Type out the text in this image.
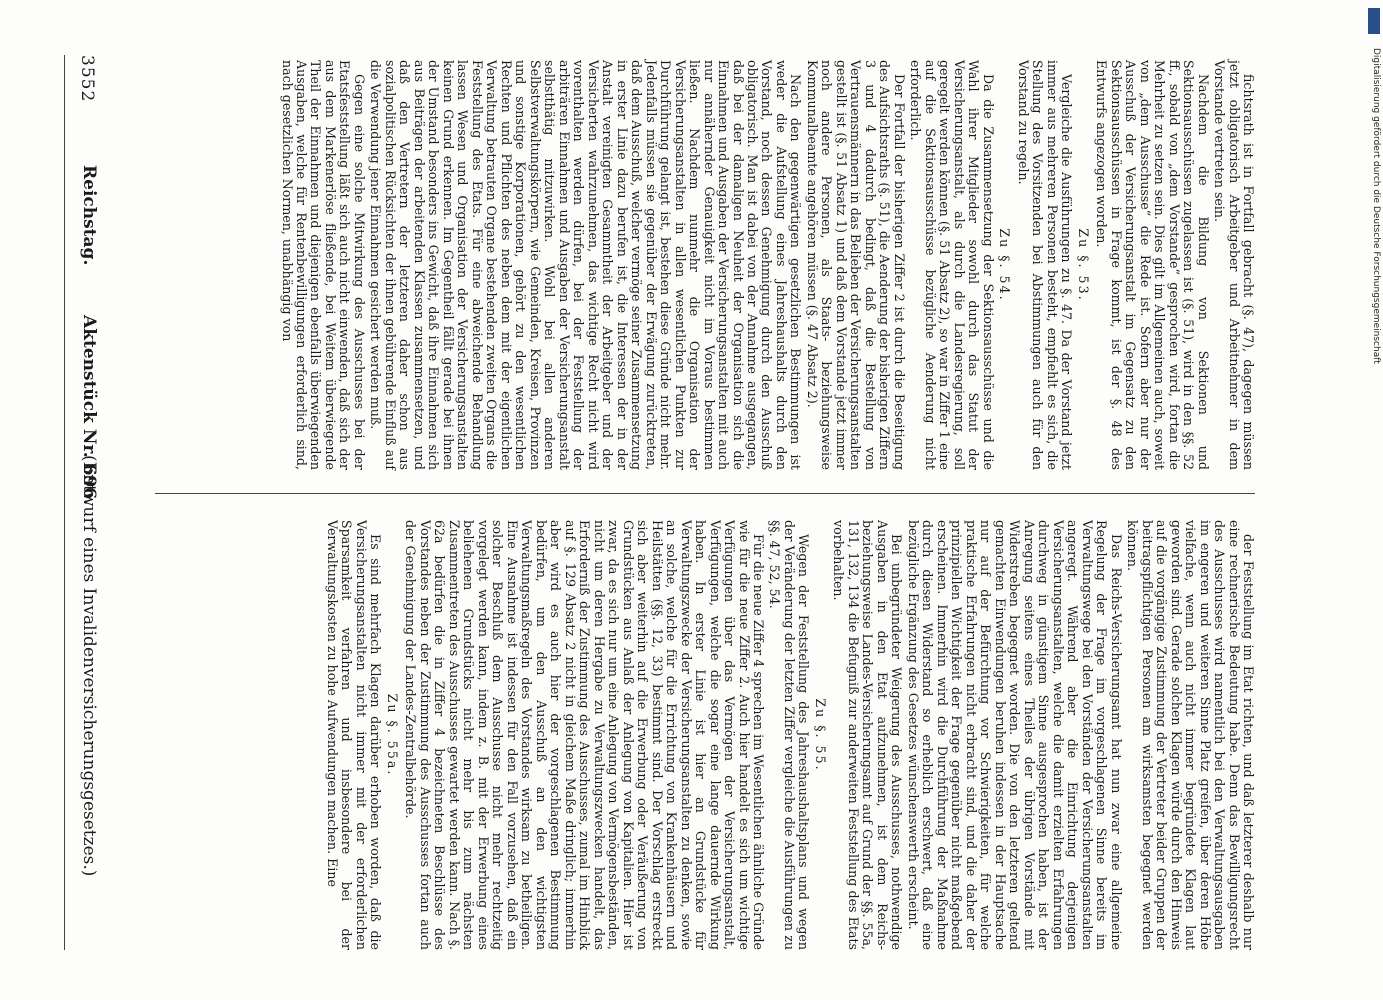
3552
Reichstag.
Aktenstück Nr. 696.
(Entwurf eines Invalidenversicherungsgesetzes.)

fichtsrath ist in Fortfall gebracht (§. 47), dagegen müssen jetzt obligatorisch Arbeitgeber und Arbeitnehmer in dem Vorstande vertreten sein.

Nachdem die Bildung von Sektionen und Sektionsausschüssen zugelassen ist (§. 51), wird in den §§. 52 ff., sobald von „dem Vorstande“ gesprochen wird, fortan die Mehrheit zu setzen sein. Dies gilt im Allgemeinen auch, soweit von „dem Ausschusse“ die Rede ist. Sofern aber nur der Ausschuß der Versicherungsanstalt im Gegensatz zu den Sektionsausschüssen in Frage kommt, ist der §. 48 des Entwurfs angezogen worden.

Zu §. 53.

Vergleiche die Ausführungen zu §. 47. Da der Vorstand jetzt immer aus mehreren Personen besteht, empfiehlt es sich, die Stellung des Vorsitzenden bei Abstimmungen auch für den Vorstand zu regeln.

Zu §. 54.

Da die Zusammensetzung der Sektionsausschüsse und die Wahl ihrer Mitglieder sowohl durch das Statut der Versicherungsanstalt, als durch die Landesregierung, soll geregelt werden können (§. 51 Absatz 2), so war in Ziffer 1 eine auf die Sektionsausschüsse bezügliche Aenderung nicht erforderlich.

Der Fortfall der bisherigen Ziffer 2 ist durch die Beseitigung des Aufsichtsraths (§. 51), die Aenderung der bisherigen Ziffern 3 und 4 dadurch bedingt, daß die Bestellung von Vertrauensmännern in das Belieben der Versicherungsanstalten gestellt ist (§. 51 Absatz 1) und daß dem Vorstande jetzt immer noch andere Personen, als Staats- beziehungsweise Kommunalbeamte angehören müssen (§. 47 Absatz 2).

Nach den gegenwärtigen gesetzlichen Bestimmungen ist weder die Aufstellung eines Jahreshaushalts durch den Vorstand, noch dessen Genehmigung durch den Ausschuß obligatorisch. Man ist dabei von der Annahme ausgegangen, daß bei der damaligen Neuheit der Organisation sich die Einnahmen und Ausgaben der Versicherungsanstalten mit auch nur annähernder Genauigkeit nicht im Voraus bestimmen ließen. Nachdem nunmehr die Organisation der Versicherungsanstalten in allen wesentlichen Punkten zur Durchführung gelangt ist, bestehen diese Gründe nicht mehr. Jedenfalls müssen sie gegenüber der Erwägung zurücktreten, daß dem Ausschuß, welcher vermöge seiner Zusammensetzung in erster Linie dazu berufen ist, die Interessen der in der Anstalt vereinigten Gesammtheit der Arbeitgeber und der Versicherten wahrzunehmen, das wichtige Recht nicht wird vorenthalten werden dürfen, bei der Feststellung der arbiträren Einnahmen und Ausgaben der Versicherungsanstalt selbstthätig mitzuwirken. Wohl bei allen anderen Selbstverwaltungskörpern, wie Gemeinden, Kreisen, Provinzen und sonstige Korporationen, gehört zu den wesentlichen Rechten und Pflichten des neben dem mit der eigentlichen Verwaltung betrauten Organe bestehenden zweiten Organs die Feststellung des Etats. Für eine abweichende Behandlung lassen Wesen und Organisation der Versicherungsanstalten keinen Grund erkennen. Im Gegentheil fällt gerade bei ihnen der Umstand besonders ins Gewicht, daß ihre Einnahmen sich aus Beiträgen der arbeitenden Klassen zusammensetzen, und daß den Vertretern der letzteren daher schon aus sozialpolitischen Rücksichten der ihnen gebührende Einfluß auf die Verwendung jener Einnahmen gesichert werden muß.

Gegen eine solche Mitwirkung des Ausschusses bei der Etatsfeststellung läßt sich auch nicht einwenden, daß sich der aus dem Markenerlöse fließende, bei Weitem überwiegende Theil der Einnahmen und diejenigen ebenfalls überwiegenden Ausgaben, welche für Rentenbewilligungen erforderlich sind, nach gesetzlichen Normen, unabhängig von

der Feststellung im Etat richten, und daß letzterer deshalb nur eine rechnerische Bedeutung habe. Denn das Bewilligungsrecht des Ausschusses wird namentlich bei den Verwaltungsausgaben im engeren und weiteren Sinne Platz greifen, über deren Höhe vielfache, wenn auch nicht immer begründete Klagen laut geworden sind. Gerade solchen Klagen würde durch den Hinweis auf die vorgängige Zustimmung der Vertreter beider Gruppen der beitragspflichtigen Personen am wirksamsten begegnet werden können.

Das Reichs-Versicherungsamt hat nun zwar eine allgemeine Regelung der Frage im vorgeschlagenen Sinne bereits im Verwaltungswege bei den Vorständen der Versicherungsanstalten angeregt. Während aber die Einrichtung derjenigen Versicherungsanstalten, welche die damit erzielten Erfahrungen durchweg in günstigem Sinne ausgesprochen haben, ist der Anregung seitens eines Theiles der übrigen Vorstände mit Widerstreben begegnet worden. Die von den letzteren geltend gemachten Einwendungen beruhen indessen in der Hauptsache nur auf der Befürchtung vor Schwierigkeiten, für welche praktische Erfahrungen nicht erbracht sind, und die daher der prinzipiellen Wichtigkeit der Frage gegenüber nicht maßgebend erscheinen. Immerhin wird die Durchführung der Maßnahme durch diesen Widerstand so erheblich erschwert, daß eine bezügliche Ergänzung des Gesetzes wünschenswerth erscheint.

Bei unbegründeter Weigerung des Ausschusses, nothwendige Ausgaben in den Etat aufzunehmen, ist dem Reichs- beziehungsweise Landes-Versicherungsamt auf Grund der §§. 55a, 131, 132, 134 die Befugniß zur anderweiten Feststellung des Etats vorbehalten.

Zu §. 55.

Wegen der Feststellung des Jahreshaushaltsplans und wegen der Veränderung der letzten Ziffer vergleiche die Ausführungen zu §§. 47, 52, 54.

Für die neue Ziffer 4 sprechen im Wesentlichen ähnliche Gründe wie für die neue Ziffer 2. Auch hier handelt es sich um wichtige Verfügungen über das Vermögen der Versicherungsanstalt, Verfügungen, welche die sogar eine lange dauernde Wirkung haben. In erster Linie ist hier an Grundstücke für Verwaltungszwecke der Versicherungsanstalten zu denken, sowie an solche, welche für die Errichtung von Krankenhäusern und Heilstätten (§§. 12, 33) bestimmt sind. Der Vorschlag erstreckt sich aber weiterhin auf die Erwerbung oder Veräußerung von Grundstücken aus Anlaß der Anlegung von Kapitalien. Hier ist zwar, da es sich nur um eine Anlegung von Vermögensbeständen, nicht um deren Hergabe zu Verwaltungszwecken handelt, das Erforderniß der Zustimmung des Ausschusses, zumal im Hinblick auf §. 129 Absatz 2 nicht in gleichem Maße dringlich; immerhin aber wird es auch hier der vorgeschlagenen Bestimmung bedürfen, um den Ausschuß an den wichtigsten Verwaltungsmaßregeln des Vorstandes wirksam zu betheiligen. Eine Ausnahme ist indessen für den Fall vorzusehen, daß ein solcher Beschluß dem Ausschusse nicht mehr rechtzeitig vorgelegt werden kann, indem z. B. mit der Erwerbung eines beliehenen Grundstücks nicht mehr bis zum nächsten Zusammentreten des Ausschusses gewartet werden kann. Nach §. 62a bedürfen die in Ziffer 4 bezeichneten Beschlüsse des Vorstandes neben der Zustimmung des Ausschusses fortan auch der Genehmigung der Landes-Zentralbehörde.

Zu §. 55a.

Es sind mehrfach Klagen darüber erhoben worden, daß die Versicherungsanstalten nicht immer mit der erforderlichen Sparsamkeit verfahren und insbesondere bei der Verwaltungskosten zu hohe Aufwendungen machen. Eine

Digitalisierung gefördert durch die Deutsche Forschungsgemeinschaft
